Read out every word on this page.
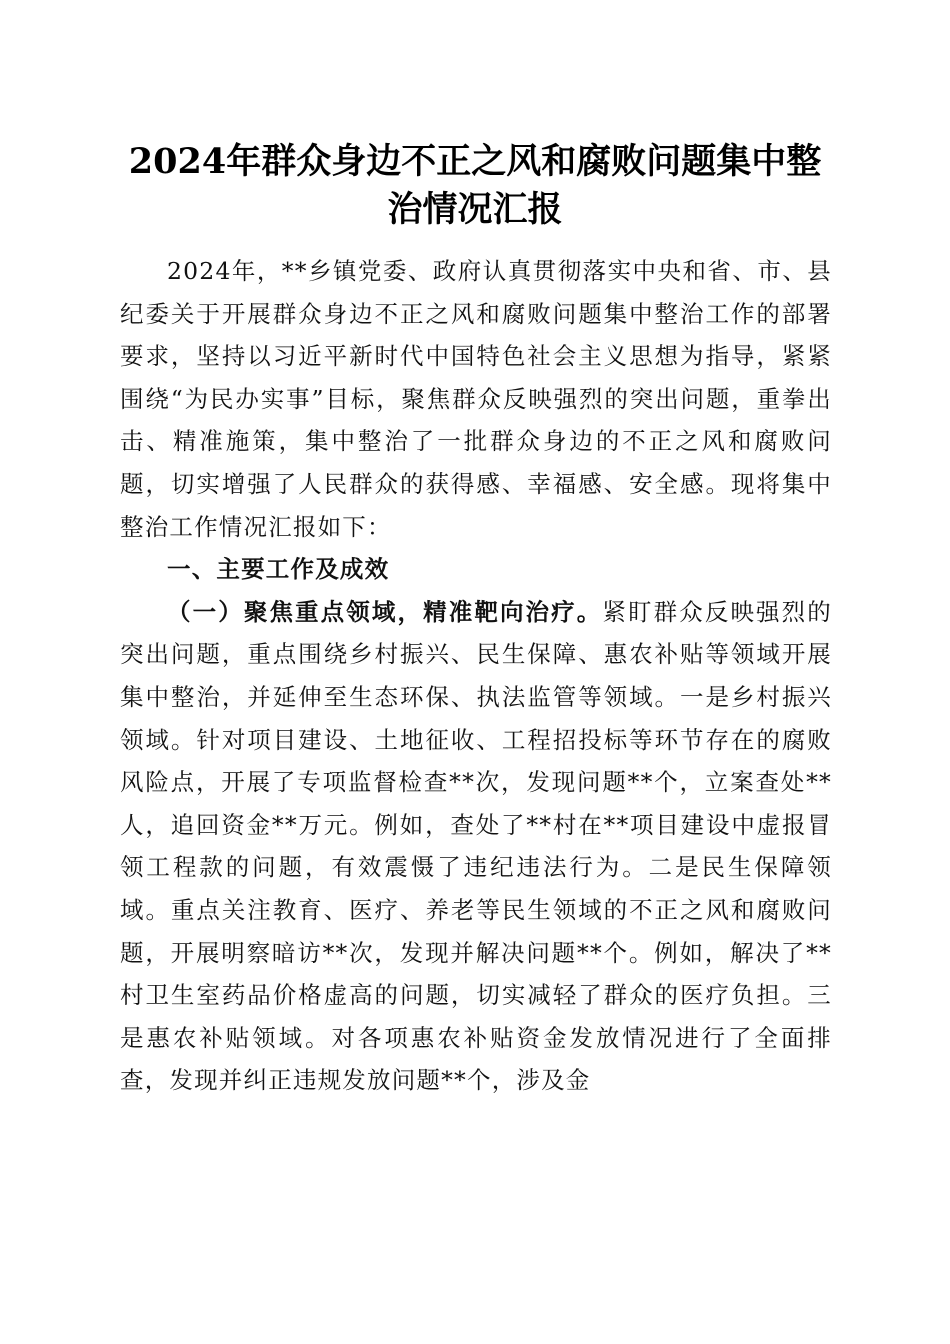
2024年群众身边不正之风和腐败问题集中整
治情况汇报

2024年，**乡镇党委、政府认真贯彻落实中央和省、市、县纪委关于开展群众身边不正之风和腐败问题集中整治工作的部署要求，坚持以习近平新时代中国特色社会主义思想为指导，紧紧围绕“为民办实事”目标，聚焦群众反映强烈的突出问题，重拳出击、精准施策，集中整治了一批群众身边的不正之风和腐败问题，切实增强了人民群众的获得感、幸福感、安全感。现将集中整治工作情况汇报如下：

一、主要工作及成效

（一）聚焦重点领域，精准靶向治疗。紧盯群众反映强烈的突出问题，重点围绕乡村振兴、民生保障、惠农补贴等领域开展集中整治，并延伸至生态环保、执法监管等领域。一是乡村振兴领域。针对项目建设、土地征收、工程招投标等环节存在的腐败风险点，开展了专项监督检查**次，发现问题**个，立案查处**人，追回资金**万元。例如，查处了**村在**项目建设中虚报冒领工程款的问题，有效震慑了违纪违法行为。二是民生保障领域。重点关注教育、医疗、养老等民生领域的不正之风和腐败问题，开展明察暗访**次，发现并解决问题**个。例如，解决了**村卫生室药品价格虚高的问题，切实减轻了群众的医疗负担。三是惠农补贴领域。对各项惠农补贴资金发放情况进行了全面排查，发现并纠正违规发放问题**个，涉及金
